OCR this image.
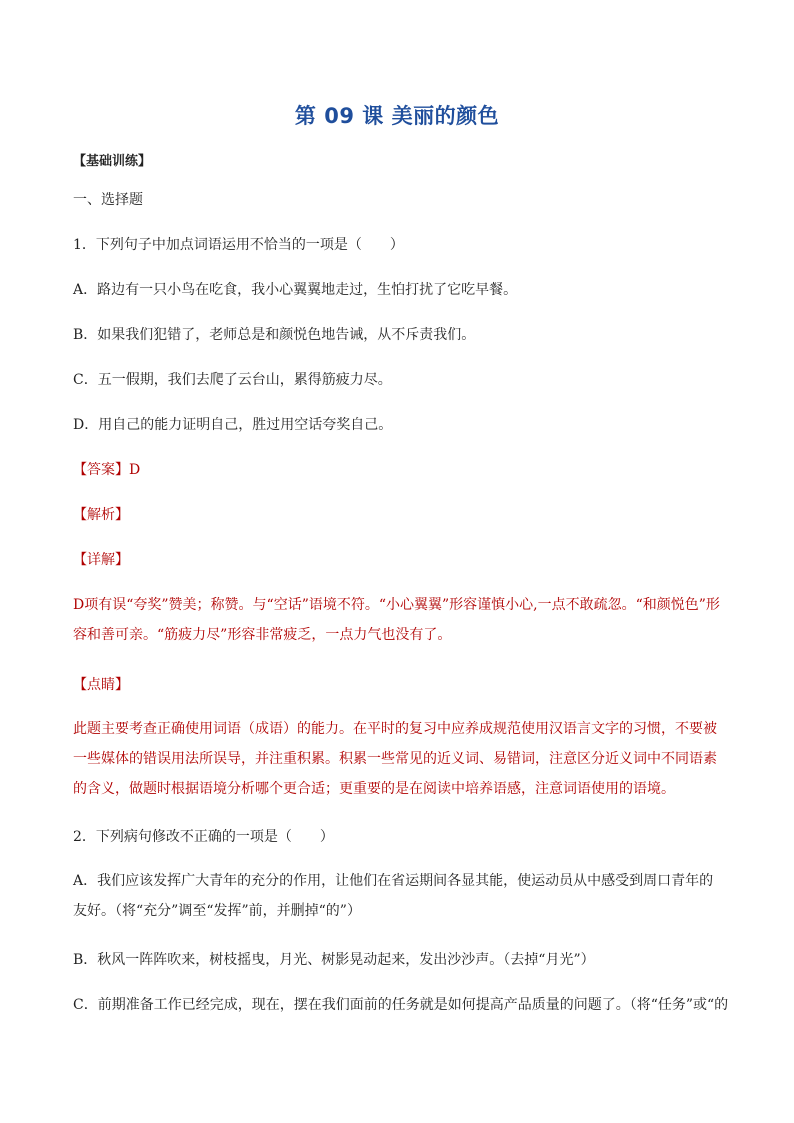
第 09 课 美丽的颜色
【基础训练】
一、选择题
1．下列句子中加点词语运用不恰当的一项是（　　）
A．路边有一只小鸟在吃食，我小心翼翼地走过，生怕打扰了它吃早餐。
B．如果我们犯错了，老师总是和颜悦色地告诫，从不斥责我们。
C．五一假期，我们去爬了云台山，累得筋疲力尽。
D．用自己的能力证明自己，胜过用空话夸奖自己。
【答案】D
【解析】
【详解】
D项有误“夸奖”赞美；称赞。与“空话”语境不符。“小心翼翼”形容谨慎小心,一点不敢疏忽。“和颜悦色”形容和善可亲。“筋疲力尽”形容非常疲乏，一点力气也没有了。
【点睛】
此题主要考查正确使用词语（成语）的能力。在平时的复习中应养成规范使用汉语言文字的习惯，不要被一些媒体的错误用法所误导，并注重积累。积累一些常见的近义词、易错词，注意区分近义词中不同语素的含义，做题时根据语境分析哪个更合适；更重要的是在阅读中培养语感，注意词语使用的语境。
2．下列病句修改不正确的一项是（　　）
A．我们应该发挥广大青年的充分的作用，让他们在省运期间各显其能，使运动员从中感受到周口青年的友好。（将“充分”调至“发挥”前，并删掉“的”）
B．秋风一阵阵吹来，树枝摇曳，月光、树影晃动起来，发出沙沙声。（去掉“月光”）
C．前期准备工作已经完成，现在，摆在我们面前的任务就是如何提高产品质量的问题了。（将“任务”或“的
